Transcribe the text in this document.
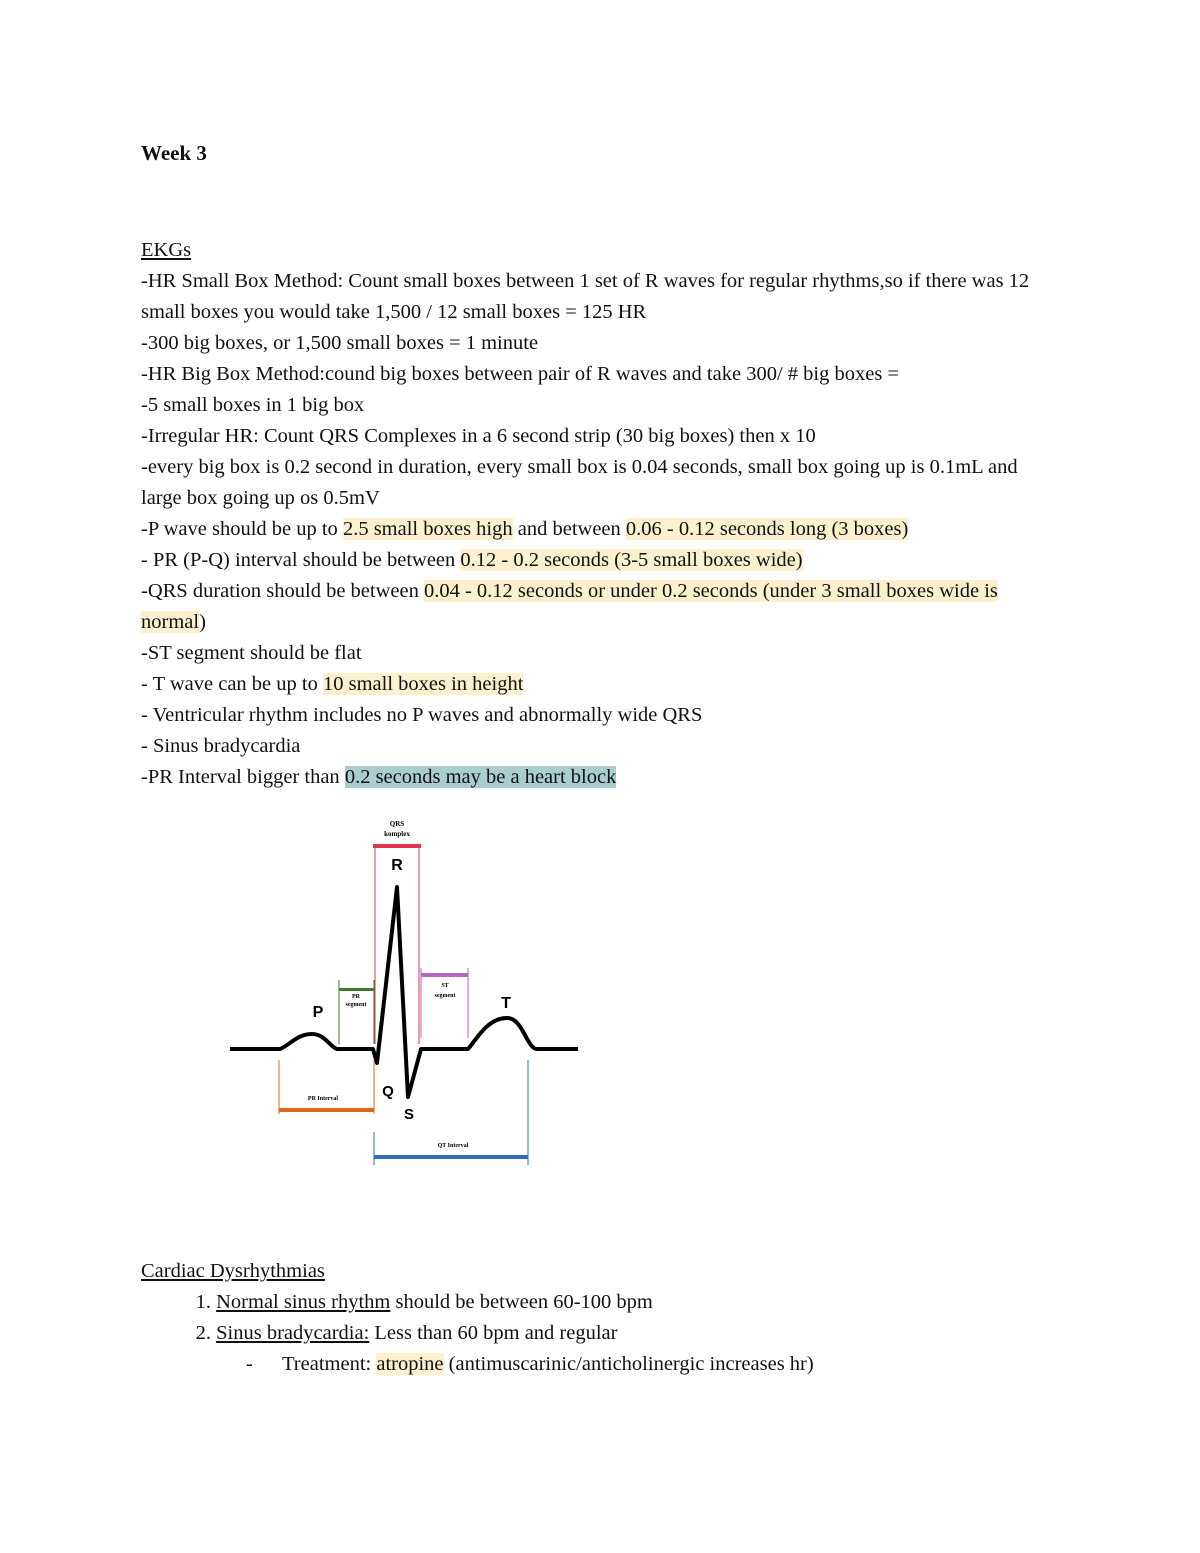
Week 3
EKGs
-HR Small Box Method: Count small boxes between 1 set of R waves for regular rhythms,so if there was 12 small boxes you would take 1,500 / 12 small boxes = 125 HR
-300 big boxes, or 1,500 small boxes = 1 minute
-HR Big Box Method:cound big boxes between pair of R waves and take 300/ # big boxes =
-5 small boxes in 1 big box
-Irregular HR: Count QRS Complexes in a 6 second strip (30 big boxes) then x 10
-every big box is 0.2 second in duration, every small box is 0.04 seconds, small box going up is 0.1mL and large box going up os 0.5mV
-P wave should be up to 2.5 small boxes high and between 0.06 - 0.12 seconds long (3 boxes)
- PR (P-Q) interval should be between 0.12 - 0.2 seconds (3-5 small boxes wide)
-QRS duration should be between 0.04 - 0.12 seconds or under 0.2 seconds (under 3 small boxes wide is normal)
-ST segment should be flat
- T wave can be up to 10 small boxes in height
- Ventricular rhythm includes no P waves and abnormally wide QRS
- Sinus bradycardia
-PR Interval bigger than 0.2 seconds may be a heart block
QRS
komplex
R
PR
segment
ST
segment
P
T
Q
S
PR Interval
QT Interval
Cardiac Dysrhythmias
1. Normal sinus rhythm should be between 60-100 bpm
2. Sinus bradycardia: Less than 60 bpm and regular
- Treatment: atropine (antimuscarinic/anticholinergic increases hr)
